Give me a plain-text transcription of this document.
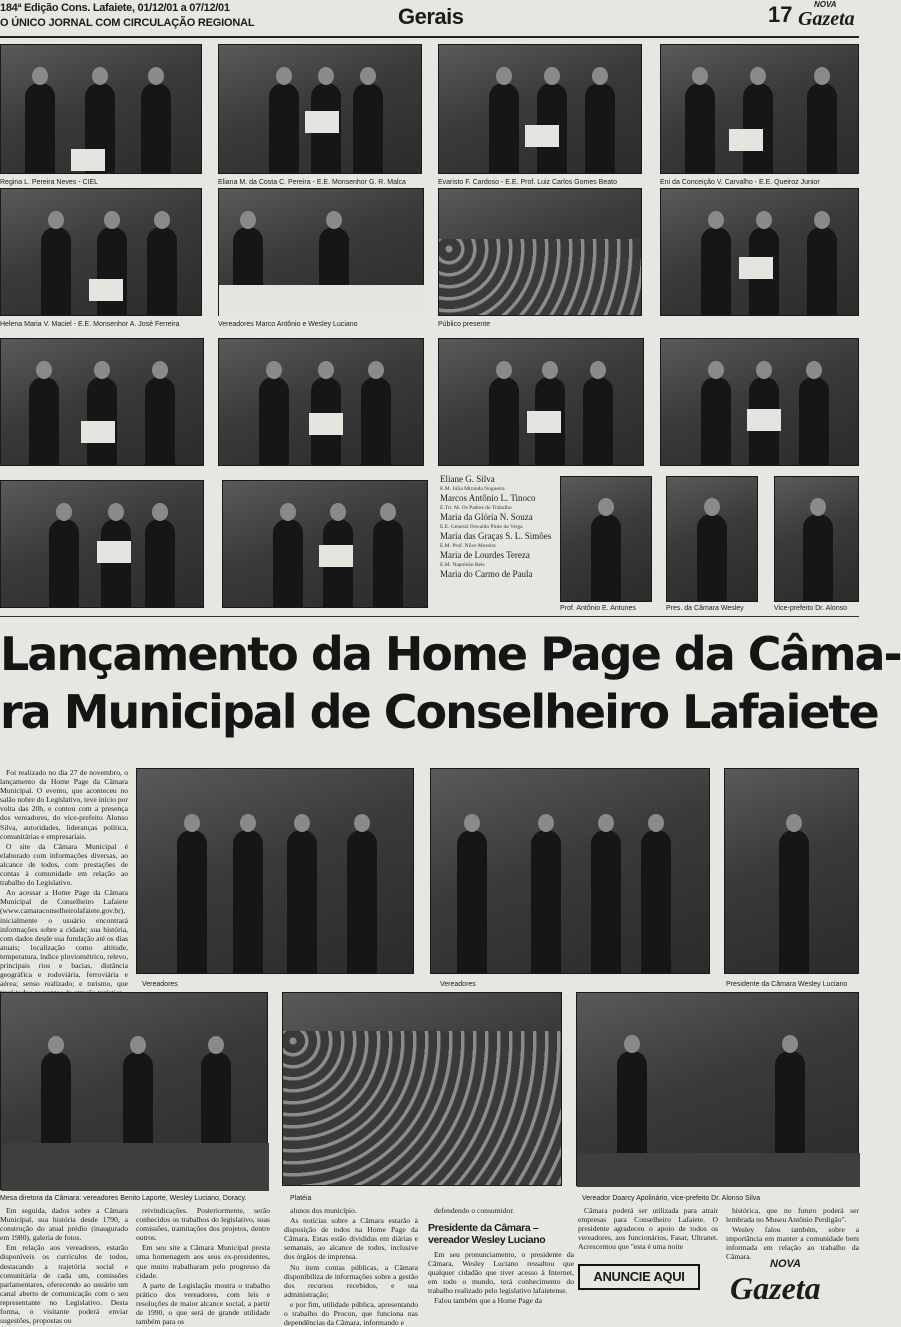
184ª Edição Cons. Lafaiete, 01/12/01 a 07/12/01
O ÚNICO JORNAL COM CIRCULAÇÃO REGIONAL	Gerais	17	NOVA
Gazeta
Regina L. Pereira Neves - CIEL	Eliana M. da Costa C. Pereira - E.E. Monsenhor G. R. Malca	Evaristo F. Cardoso - E.E. Prof. Luiz Carlos Gomes Beato	Eni da Conceição V. Carvalho - E.E. Queiroz Junior
Helena Maria V. Maciel - E.E. Monsenhor A. José Ferreira	Vereadores Marco Antônio e Wesley Luciano	Público presente
Eliane G. Silva
E.M. Júlia Miranda Nogueira
Marcos Antônio L. Tinoco
E.Trt. M. Os Padres do Trabalho
Maria da Glória N. Souza
E.E. General Oswaldo Pinto da Veiga
Maria das Graças S. L. Simões
E.M. Prof. Nilce Moreira
Maria de Lourdes Tereza
E.M. Napoleão Reis
Maria do Carmo de Paula
Prof. Antônio E. Antunes	Pres. da Câmara Wesley	Vice-prefeito Dr. Alonso
Lançamento da Home Page da Câma-
ra Municipal de Conselheiro Lafaiete

Foi realizado no dia 27 de novembro, o lançamento da Home Page da Câmara Municipal. O evento, que aconteceu no salão nobre do Legislativo, teve início por volta das 20h, e contou com a presença dos vereadores, do vice-prefeito Alonso Silva, autoridades, lideranças política, comunitárias e empresariais.

O site da Câmara Municipal é elaborado com informações diversas, ao alcance de todos, com prestações de contas à comunidade em relação ao trabalho do Legislativo.

Ao acessar a Home Page da Câmara Municipal de Conselheiro Lafaiete (www.camaraconselheirolafaiete.gov.br), inicialmente o usuário encontrará informações sobre a cidade; sua história, com dados desde sua fundação até os dias atuais; localização como altitude, temperatura, índice pluviométrico, relevo, principais rios e bacias, distância geográfica e rodoviária, ferroviária e aérea; senso realizado; e turismo, que Vereadores	Vereadores	Presidente da Câmara Wesley Luciano
Mesa diretora da Câmara: vereadores Benito Laporte, Wesley Luciano, Doracy.	Platéia	Vereador Doarcy Apolinário, vice-prefeito Dr. Alonso Silva

Em seguida, dados sobre a Câmara Municipal, sua história desde 1790, a construção do atual prédio (inaugurado em 1980), galeria de fotos.

Em relação aos vereadores, estarão disponíveis os currículos de todos, destacando a trajetória social e comunitária de cada um, comissões parlamentares, oferecendo ao usuário um canal aberto de comunicação com o seu representante no Legislativo. Desta forma, o visitante poderá enviar sugestões, propostas ou

reivindicações. Posteriormente, serão conhecidos os trabalhos do legislativo, suas comissões, tramitações dos projetos, dentre outros.

Em seu site a Câmara Municipal presta uma homenagem aos seus ex-presidentes, que muito trabalharam pelo progresso da cidade.

A parte de Legislação mostra o trabalho prático dos vereadores, com leis e resoluções de maior alcance social, a partir de 1990, o que será de grande utilidade também para os

alunos dos município.

As notícias sobre a Câmara estarão à disposição de todos na Home Page da Câmara. Estas estão divididas em diárias e semanais, ao alcance de todos, inclusive dos órgãos de imprensa.

No item contas públicas, a Câmara disponibiliza de informações sobre a gestão dos recursos recebidos, e sua administração;

e por fim, utilidade pública, apresentando o trabalho do Procon, que funciona nas dependências da Câmara, informando e

defendendo o consumidor.

Presidente da Câmara – vereador Wesley Luciano

Em seu pronunciamento, o presidente da Câmara, Wesley Luciano ressaltou que qualquer cidadão que tiver acesso à Internet, em todo o mundo, terá conhecimento do trabalho realizado pelo legislativo lafaietense.

Falou também que a Home Page da

Câmara poderá ser utilizada para atrair empresas para Conselheiro Lafaiete. O presidente agradeceu o apoio de todos os vereadores, aos funcionários, Fasar, Ultranet. Acrescentou que "esta é uma noite

histórica, que no futuro poderá ser lembrada no Museu Antônio Perdigão".

Wesley falou também, sobre a importância em manter a comunidade bem informada em relação ao trabalho da Câmara.

ANUNCIE AQUI
NOVA
Gazeta
